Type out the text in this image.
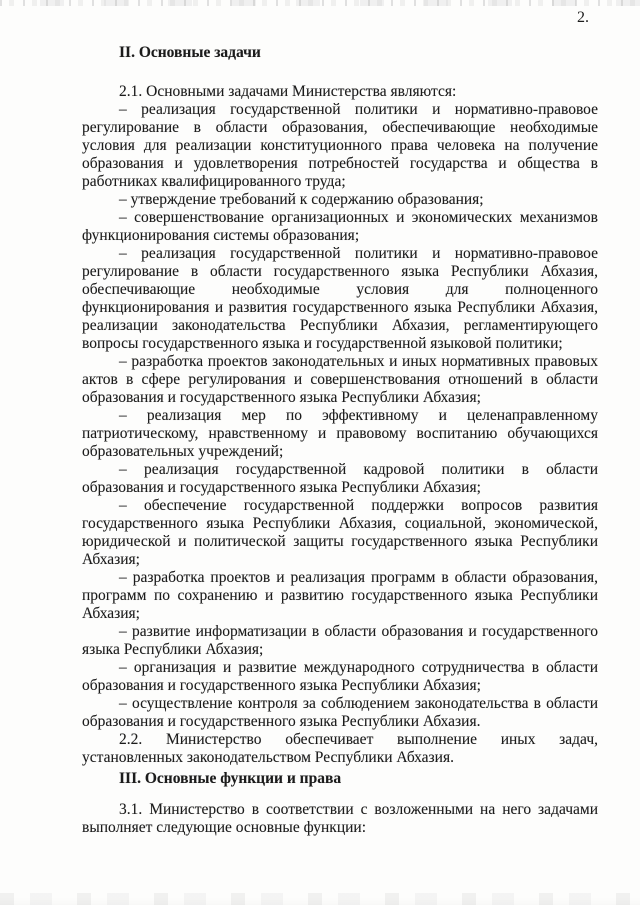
2.
II. Основные задачи

2.1. Основными задачами Министерства являются:

– реализация государственной политики и нормативно-правовое регулирование в области образования, обеспечивающие необходимые условия для реализации конституционного права человека на получение образования и удовлетворения потребностей государства и общества в работниках квалифицированного труда;

– утверждение требований к содержанию образования;

– совершенствование организационных и экономических механизмов функционирования системы образования;

– реализация государственной политики и нормативно-правовое регулирование в области государственного языка Республики Абхазия, обеспечивающие необходимые условия для полноценного функционирования и развития государственного языка Республики Абхазия, реализации законодательства Республики Абхазия, регламентирующего вопросы государственного языка и государственной языковой политики;

– разработка проектов законодательных и иных нормативных правовых актов в сфере регулирования и совершенствования отношений в области образования и государственного языка Республики Абхазия;

– реализация мер по эффективному и целенаправленному патриотическому, нравственному и правовому воспитанию обучающихся образовательных учреждений;

– реализация государственной кадровой политики в области образования и государственного языка Республики Абхазия;

– обеспечение государственной поддержки вопросов развития государственного языка Республики Абхазия, социальной, экономической, юридической и политической защиты государственного языка Республики Абхазия;

– разработка проектов и реализация программ в области образования, программ по сохранению и развитию государственного языка Республики Абхазия;

– развитие информатизации в области образования и государственного языка Республики Абхазия;

– организация и развитие международного сотрудничества в области образования и государственного языка Республики Абхазия;

– осуществление контроля за соблюдением законодательства в области образования и государственного языка Республики Абхазия.

2.2. Министерство обеспечивает выполнение иных задач, установленных законодательством Республики Абхазия.

III. Основные функции и права

3.1. Министерство в соответствии с возложенными на него задачами выполняет следующие основные функции:
